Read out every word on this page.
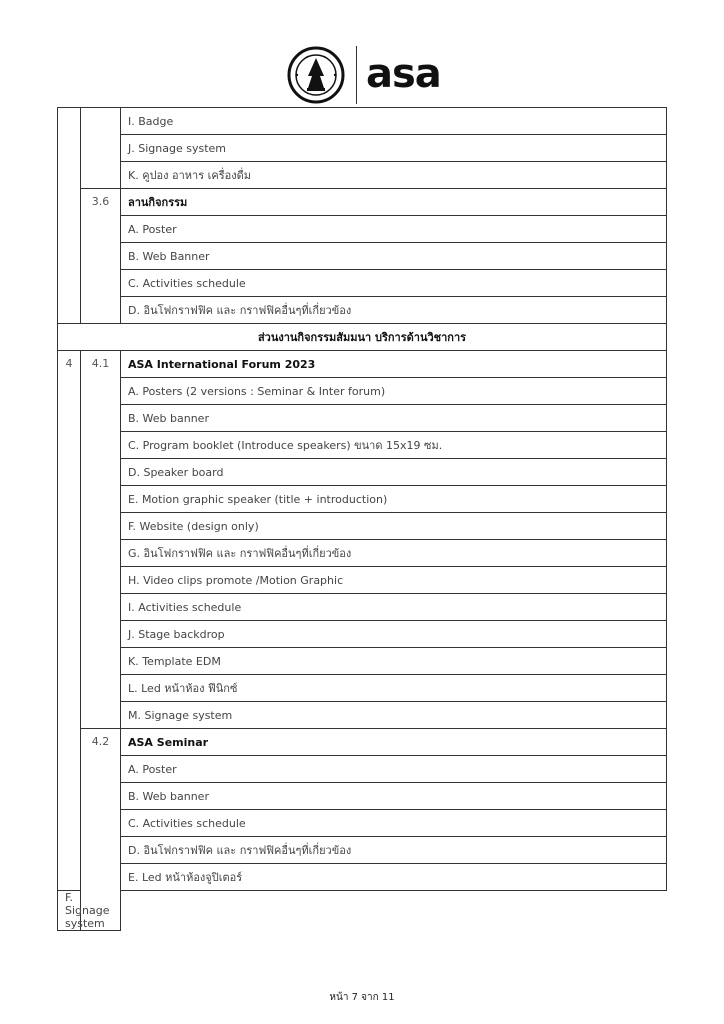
asa
		I. Badge
		J. Signage system
		K. คูปอง อาหาร เครื่องดื่ม
	3.6	ลานกิจกรรม
		A. Poster
		B. Web Banner
		C. Activities schedule
		D. อินโฟกราฟฟิค และ กราฟฟิคอื่นๆที่เกี่ยวข้อง
ส่วนงานกิจกรรมสัมมนา บริการด้านวิชาการ		
4	4.1	ASA International Forum 2023
		A. Posters (2 versions : Seminar & Inter forum)
		B. Web banner
		C. Program booklet (Introduce speakers) ขนาด 15x19 ซม.
		D. Speaker board
		E. Motion graphic speaker (title + introduction)
		F. Website (design only)
		G. อินโฟกราฟฟิค และ กราฟฟิคอื่นๆที่เกี่ยวข้อง
		H. Video clips promote /Motion Graphic
		I. Activities schedule
		J. Stage backdrop
		K. Template EDM
		L. Led หน้าห้อง ฟีนิกซ์
		M. Signage system
	4.2	ASA Seminar
		A. Poster
		B. Web banner
		C. Activities schedule
		D. อินโฟกราฟฟิค และ กราฟฟิคอื่นๆที่เกี่ยวข้อง
		E. Led หน้าห้องจูปิเตอร์
F. Signage system		
หน้า 7 จาก 11
